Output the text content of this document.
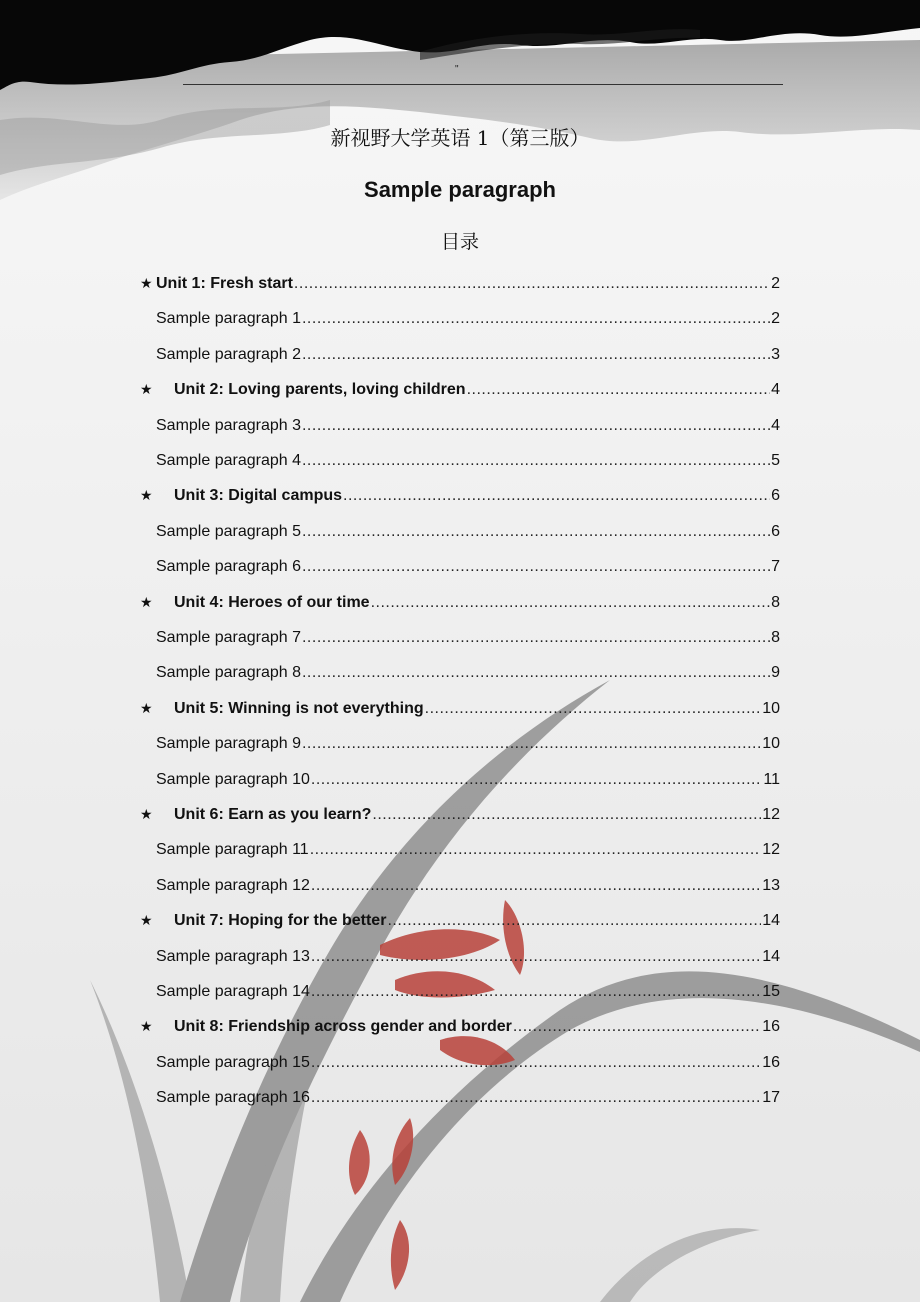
"
新视野大学英语 1（第三版）
Sample paragraph
目录
★ Unit 1: Fresh start .....	2
Sample paragraph 1 .....	2
Sample paragraph 2 .....	3
★ Unit 2: Loving parents, loving children .....	4
Sample paragraph 3 .....	4
Sample paragraph 4 .....	5
★ Unit 3: Digital campus .....	6
Sample paragraph 5 .....	6
Sample paragraph 6 .....	7
★ Unit 4: Heroes of our time .....	8
Sample paragraph 7 .....	8
Sample paragraph 8 .....	9
★ Unit 5: Winning is not everything .....	10
Sample paragraph 9 .....	10
Sample paragraph 10 .....	11
★ Unit 6: Earn as you learn? .....	12
Sample paragraph 11 .....	12
Sample paragraph 12 .....	13
★ Unit 7: Hoping for the better .....	14
Sample paragraph 13 .....	14
Sample paragraph 14 .....	15
★ Unit 8: Friendship across gender and border .....	16
Sample paragraph 15 .....	16
Sample paragraph 16 .....	17
